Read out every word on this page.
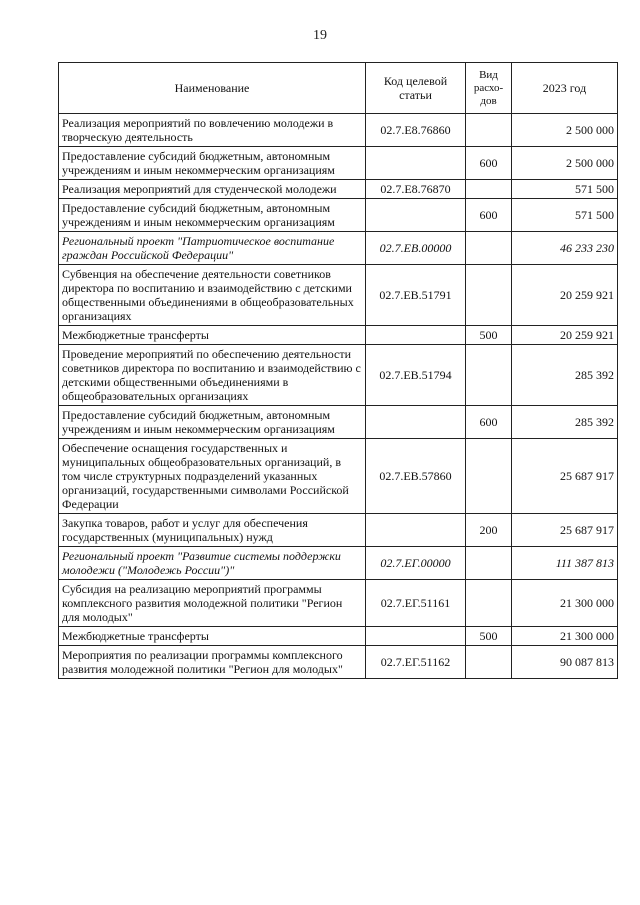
19
Наименование	Код целевой статьи	Вид расхо-дов	2023 год
Реализация мероприятий по вовлечению молодежи в творческую деятельность	02.7.Е8.76860		2 500 000
Предоставление субсидий бюджетным, автономным учреждениям и иным некоммерческим организациям		600	2 500 000
Реализация мероприятий для студенческой молодежи	02.7.Е8.76870		571 500
Предоставление субсидий бюджетным, автономным учреждениям и иным некоммерческим организациям		600	571 500
Региональный проект "Патриотическое воспитание граждан Российской Федерации"	02.7.ЕВ.00000		46 233 230
Субвенция на обеспечение деятельности советников директора по воспитанию и взаимодействию с детскими общественными объединениями в общеобразовательных организациях	02.7.ЕВ.51791		20 259 921
Межбюджетные трансферты		500	20 259 921
Проведение мероприятий по обеспечению деятельности советников директора по воспитанию и взаимодействию с детскими общественными объединениями в общеобразовательных организациях	02.7.ЕВ.51794		285 392
Предоставление субсидий бюджетным, автономным учреждениям и иным некоммерческим организациям		600	285 392
Обеспечение оснащения государственных и муниципальных общеобразовательных организаций, в том числе структурных подразделений указанных организаций, государственными символами Российской Федерации	02.7.ЕВ.57860		25 687 917
Закупка товаров, работ и услуг для обеспечения государственных (муниципальных) нужд		200	25 687 917
Региональный проект "Развитие системы поддержки молодежи ("Молодежь России")"	02.7.ЕГ.00000		111 387 813
Субсидия на реализацию мероприятий программы комплексного развития молодежной политики "Регион для молодых"	02.7.ЕГ.51161		21 300 000
Межбюджетные трансферты		500	21 300 000
Мероприятия по реализации программы комплексного развития молодежной политики "Регион для молодых"	02.7.ЕГ.51162		90 087 813
